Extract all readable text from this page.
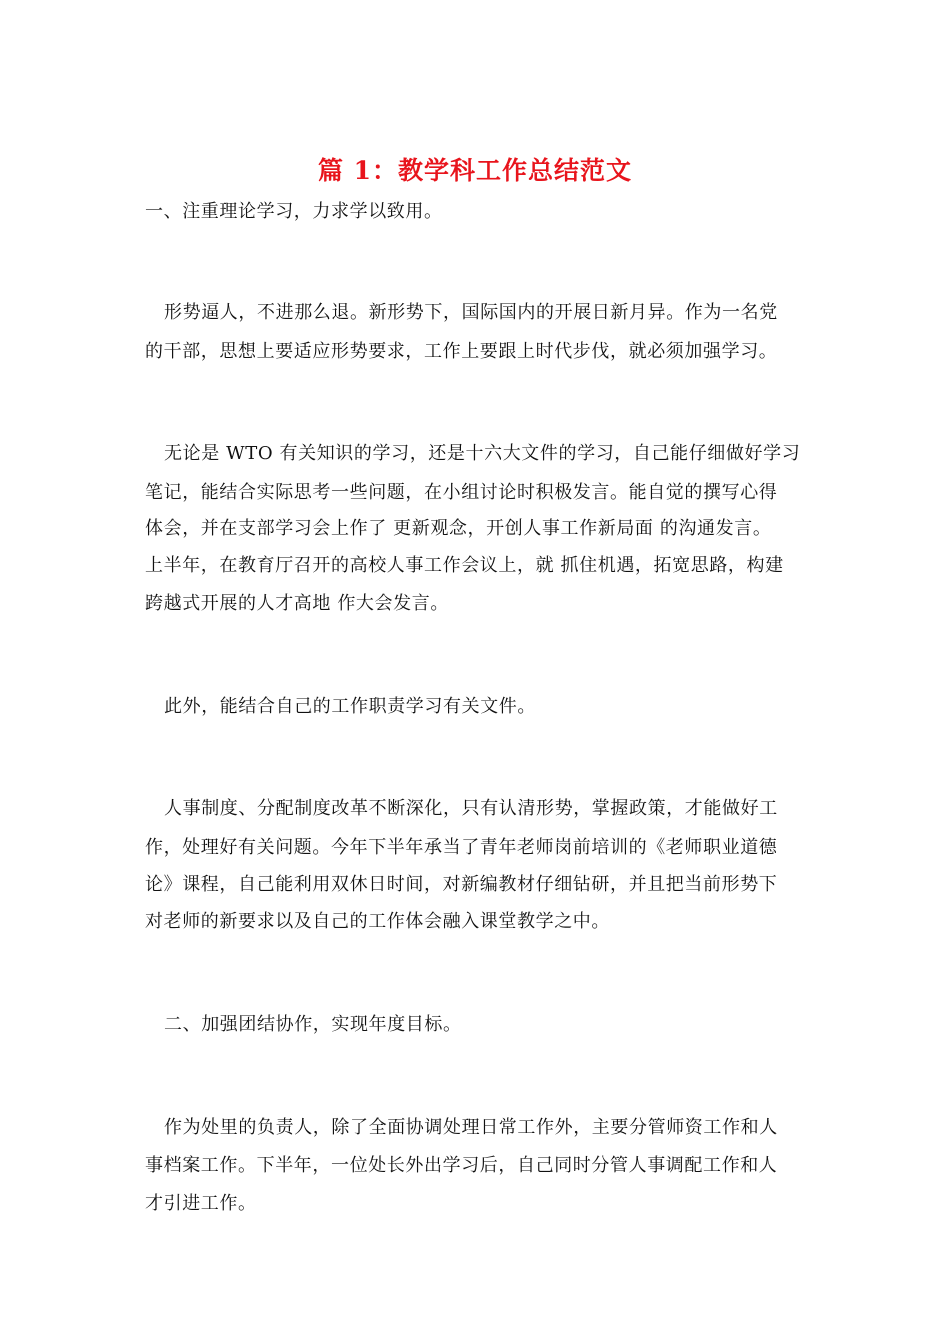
篇 1：教学科工作总结范文
一、注重理论学习，力求学以致用。
形势逼人，不进那么退。新形势下，国际国内的开展日新月异。作为一名党
的干部，思想上要适应形势要求，工作上要跟上时代步伐，就必须加强学习。
无论是 WTO 有关知识的学习，还是十六大文件的学习，自己能仔细做好学习
笔记，能结合实际思考一些问题，在小组讨论时积极发言。能自觉的撰写心得
体会，并在支部学习会上作了 更新观念，开创人事工作新局面 的沟通发言。
上半年，在教育厅召开的高校人事工作会议上，就 抓住机遇，拓宽思路，构建
跨越式开展的人才高地 作大会发言。
此外，能结合自己的工作职责学习有关文件。
人事制度、分配制度改革不断深化，只有认清形势，掌握政策，才能做好工
作，处理好有关问题。今年下半年承当了青年老师岗前培训的《老师职业道德
论》课程，自己能利用双休日时间，对新编教材仔细钻研，并且把当前形势下
对老师的新要求以及自己的工作体会融入课堂教学之中。
二、加强团结协作，实现年度目标。
作为处里的负责人，除了全面协调处理日常工作外，主要分管师资工作和人
事档案工作。下半年，一位处长外出学习后，自己同时分管人事调配工作和人
才引进工作。
